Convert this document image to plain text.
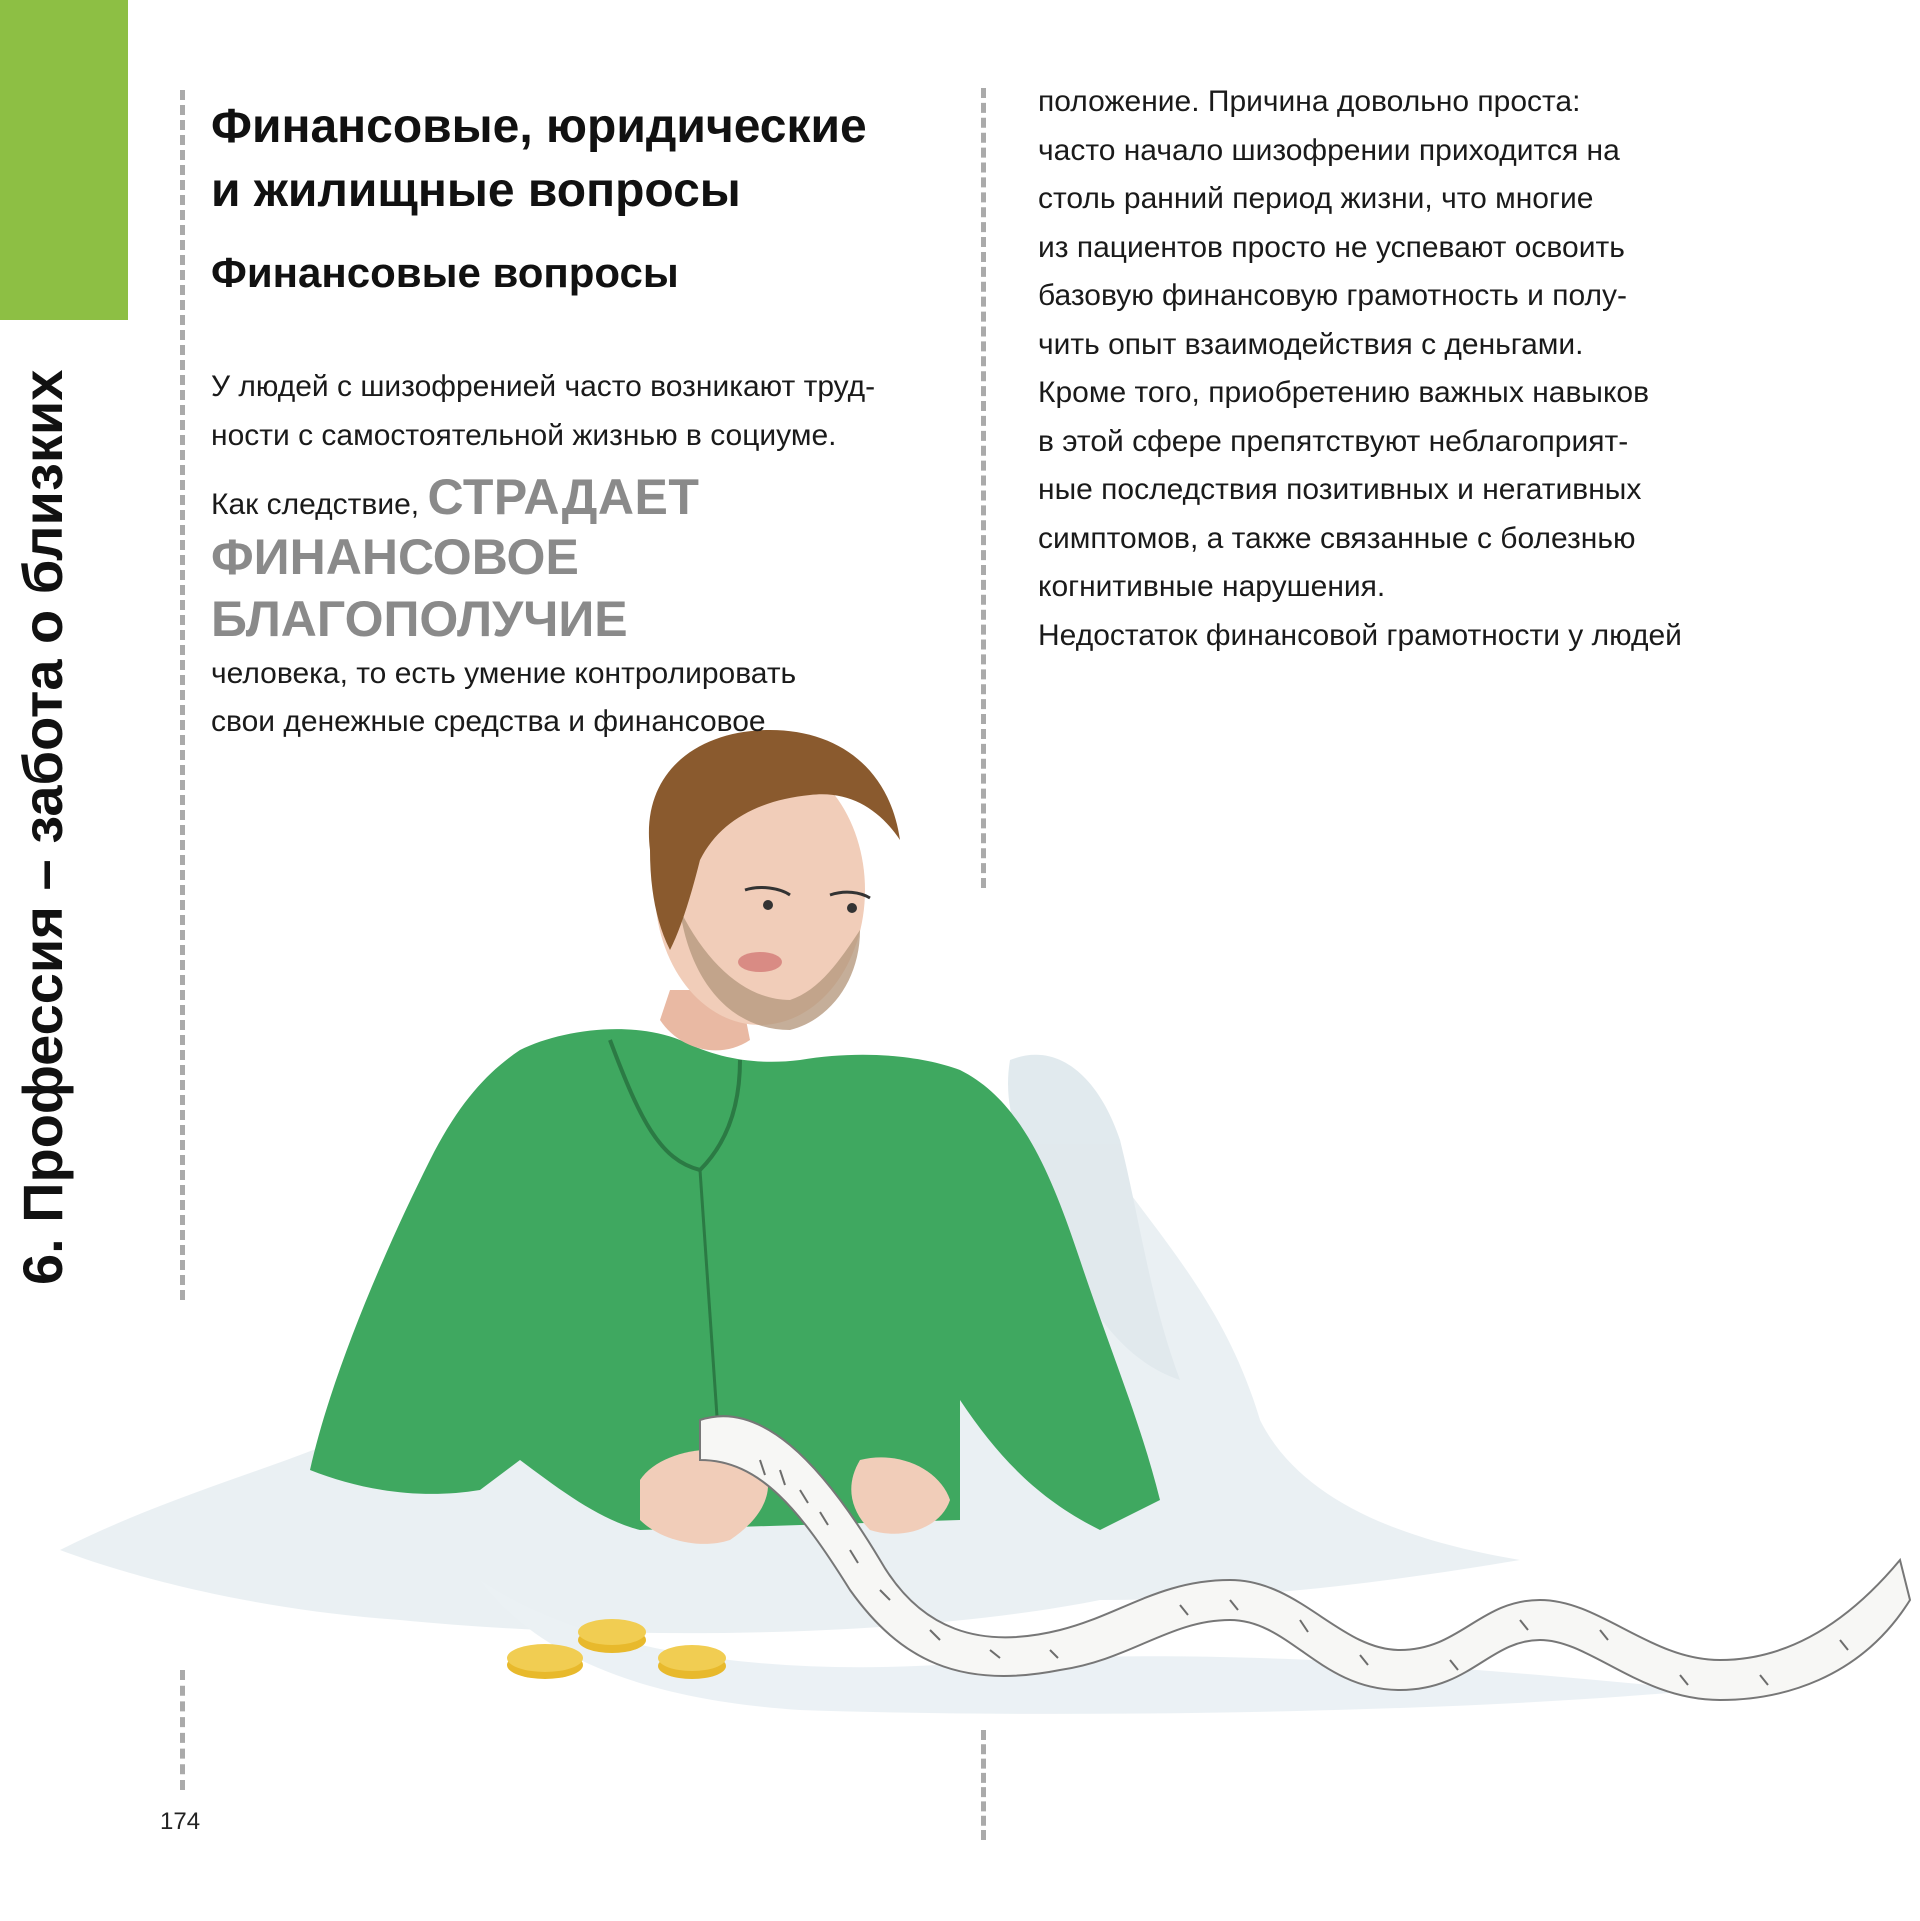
6. Профессия – забота о близких
Финансовые, юридические
и жилищные вопросы
Финансовые вопросы

У людей с шизофренией часто возникают труд-
ности с самостоятельной жизнью в социуме.

Как следствие, СТРАДАЕТ
ФИНАНСОВОЕ БЛАГОПОЛУЧИЕ
человека, то есть умение контролировать
свои денежные средства и финансовое

положение. Причина довольно проста:
часто начало шизофрении приходится на
столь ранний период жизни, что многие
из пациентов просто не успевают освоить
базовую финансовую грамотность и полу-
чить опыт взаимодействия с деньгами.
Кроме того, приобретению важных навыков
в этой сфере препятствуют неблагоприят-
ные последствия позитивных и негативных
симптомов, а также связанные с болезнью
когнитивные нарушения.
Недостаток финансовой грамотности у людей

174
